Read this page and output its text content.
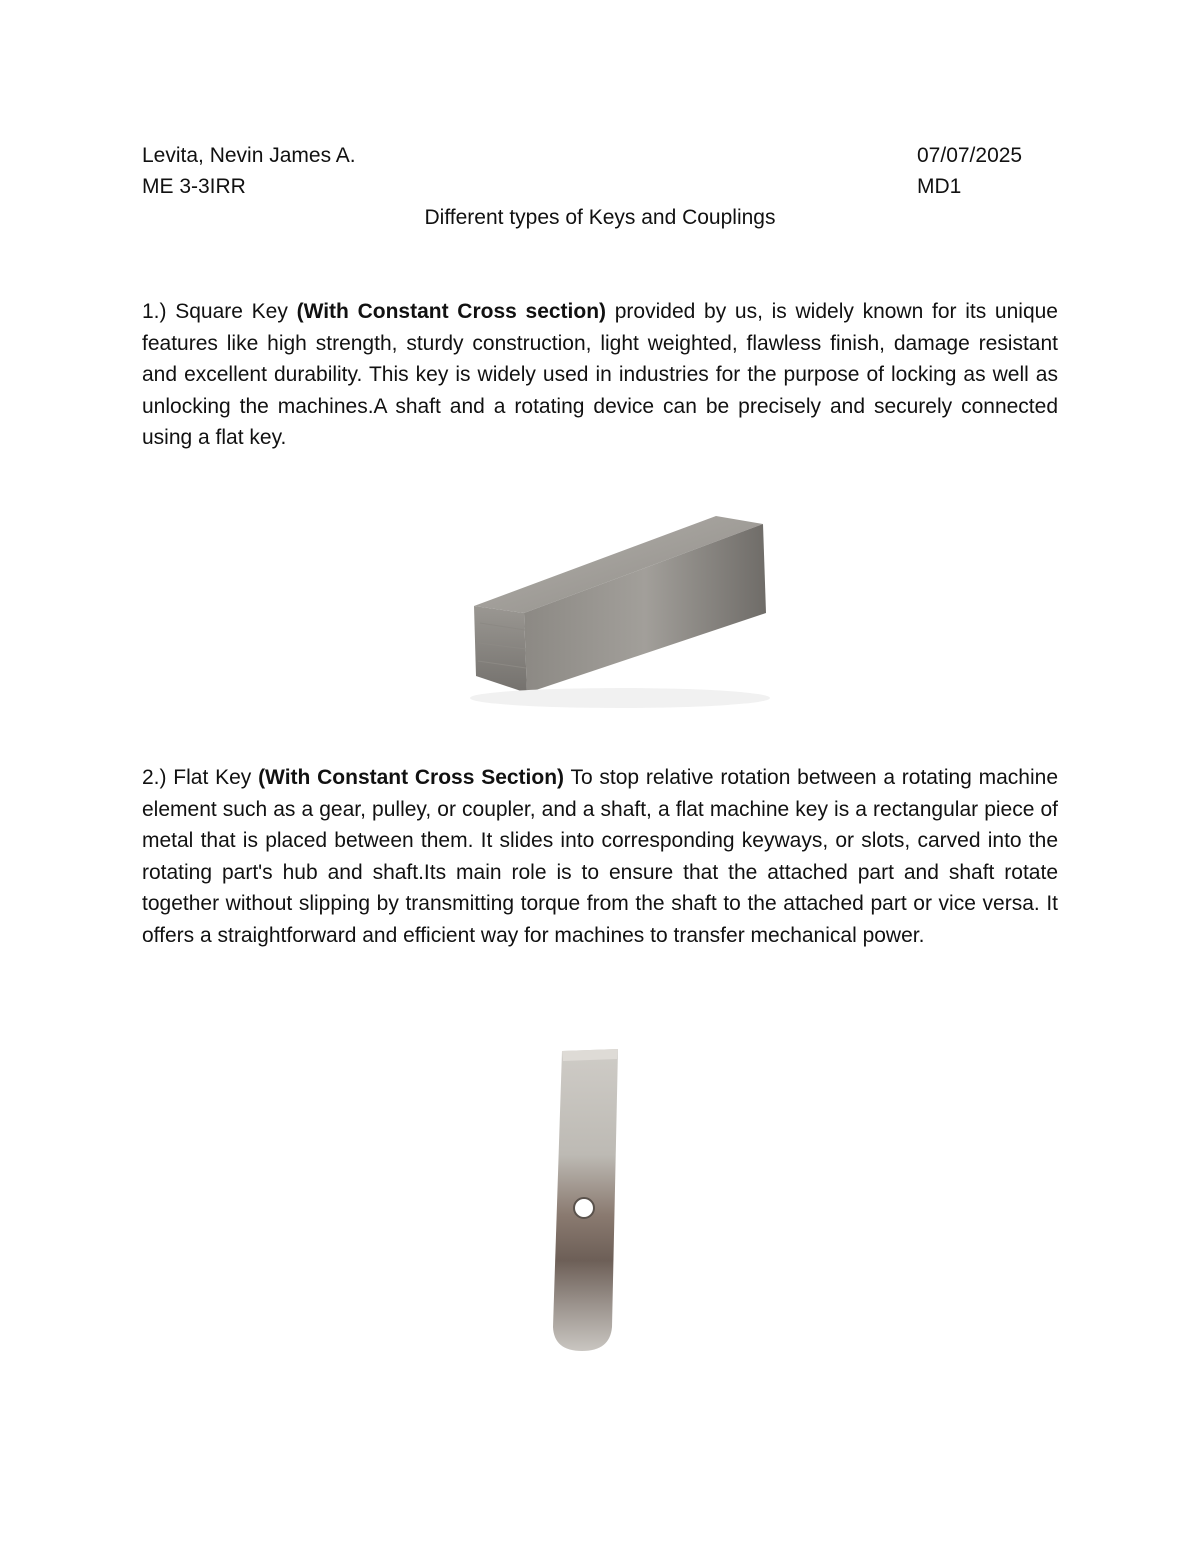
Levita, Nevin James A.
ME 3-3IRR
07/07/2025
MD1
Different types of Keys and Couplings
1.) Square Key (With Constant Cross section) provided by us, is widely known for its unique features like high strength, sturdy construction, light weighted, flawless finish, damage resistant and excellent durability. This key is widely used in industries for the purpose of locking as well as unlocking the machines.A shaft and a rotating device can be precisely and securely connected using a flat key.
2.) Flat Key (With Constant Cross Section) To stop relative rotation between a rotating machine element such as a gear, pulley, or coupler, and a shaft, a flat machine key is a rectangular piece of metal that is placed between them. It slides into corresponding keyways, or slots, carved into the rotating part's hub and shaft.Its main role is to ensure that the attached part and shaft rotate together without slipping by transmitting torque from the shaft to the attached part or vice versa. It offers a straightforward and efficient way for machines to transfer mechanical power.
